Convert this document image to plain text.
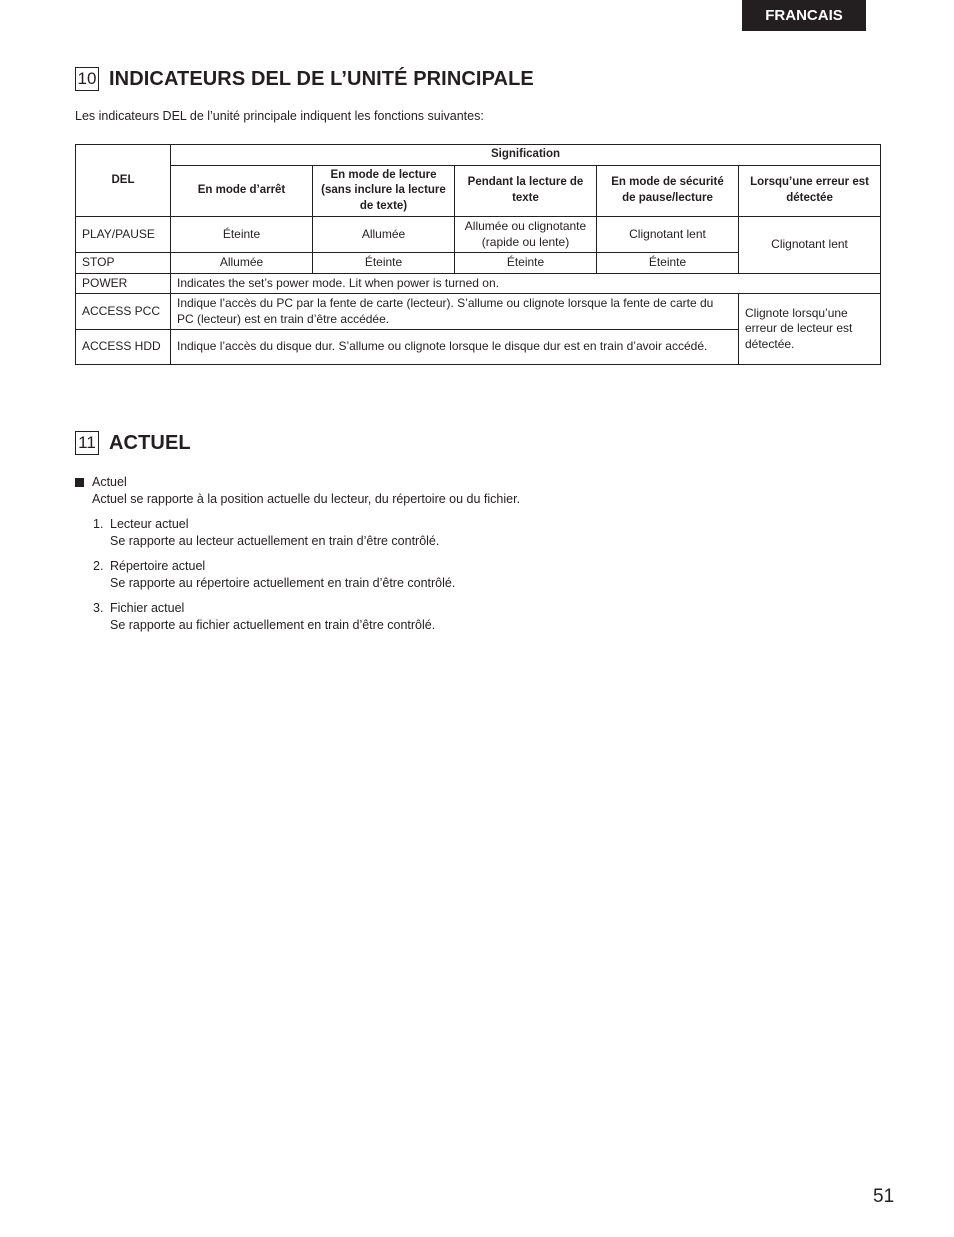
FRANCAIS
10 INDICATEURS DEL DE L’UNITÉ PRINCIPALE
Les indicateurs DEL de l’unité principale indiquent les fonctions suivantes:
DEL	Signification				
	En mode d’arrêt	En mode de lecture (sans inclure la lecture de texte)	Pendant la lecture de texte	En mode de sécurité de pause/lecture	Lorsqu’une erreur est détectée
PLAY/PAUSE	Éteinte	Allumée	Allumée ou clignotante (rapide ou lente)	Clignotant lent	Clignotant lent
STOP	Allumée	Éteinte	Éteinte	Éteinte	
POWER	Indicates the set’s power mode. Lit when power is turned on.				
ACCESS PCC	Indique l’accès du PC par la fente de carte (lecteur). S’allume ou clignote lorsque la fente de carte du PC (lecteur) est en train d’être accédée.				Clignote lorsqu’une erreur de lecteur est détectée.
ACCESS HDD	Indique l’accès du disque dur. S’allume ou clignote lorsque le disque dur est en train d’avoir accédé.				
11 ACTUEL
Actuel
Actuel se rapporte à la position actuelle du lecteur, du répertoire ou du fichier.
1. Lecteur actuel
Se rapporte au lecteur actuellement en train d’être contrôlé.
2. Répertoire actuel
Se rapporte au répertoire actuellement en train d’être contrôlé.
3. Fichier actuel
Se rapporte au fichier actuellement en train d’être contrôlé.
51
